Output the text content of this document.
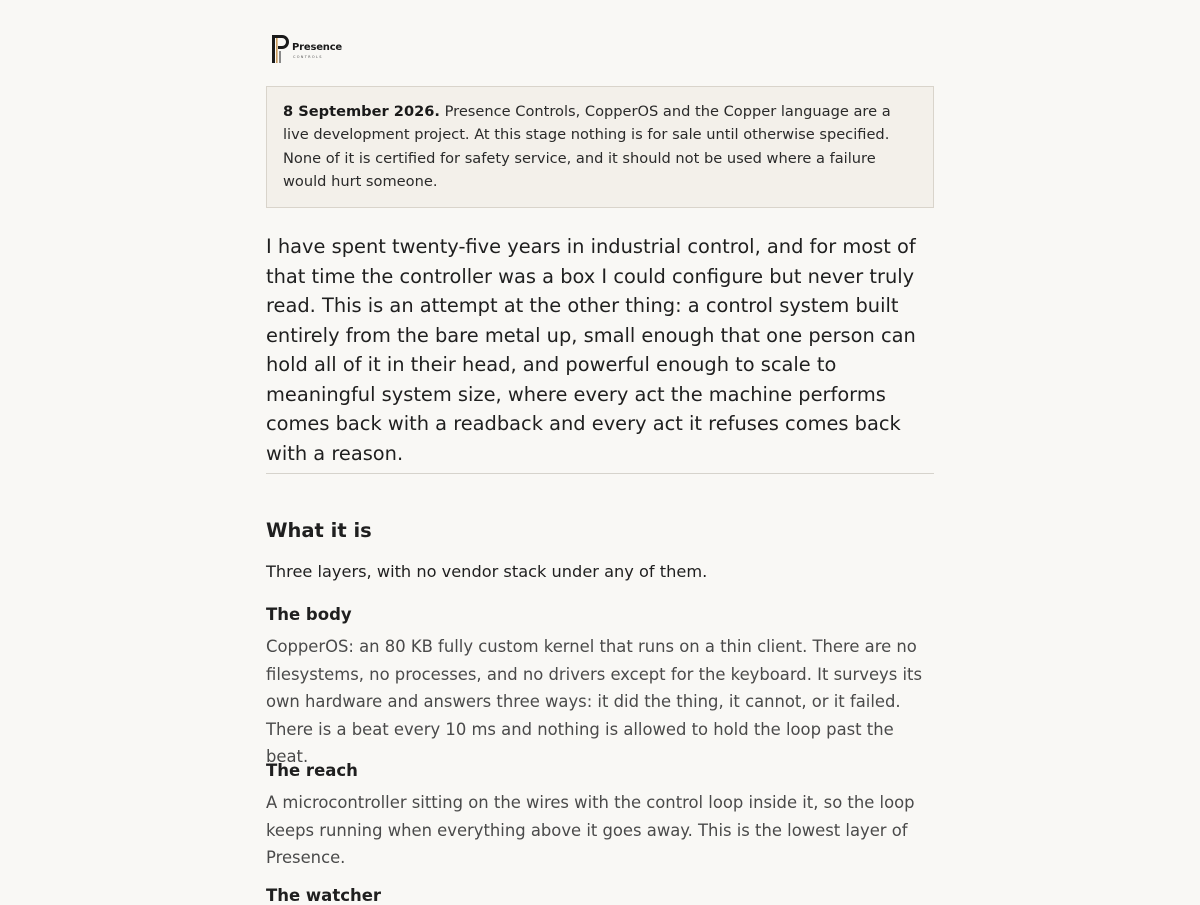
Presence
CONTROLS
8 September 2026. Presence Controls, CopperOS and the Copper language are a live development project. At this stage nothing is for sale until otherwise specified. None of it is certified for safety service, and it should not be used where a failure would hurt someone.

I have spent twenty-five years in industrial control, and for most of that time the controller was a box I could configure but never truly read. This is an attempt at the other thing: a control system built entirely from the bare metal up, small enough that one person can hold all of it in their head, and powerful enough to scale to meaningful system size, where every act the machine performs comes back with a readback and every act it refuses comes back with a reason.

What it is

Three layers, with no vendor stack under any of them.

The body

CopperOS: an 80 KB fully custom kernel that runs on a thin client. There are no filesystems, no processes, and no drivers except for the keyboard. It surveys its own hardware and answers three ways: it did the thing, it cannot, or it failed. There is a beat every 10 ms and nothing is allowed to hold the loop past the beat.

The reach

A microcontroller sitting on the wires with the control loop inside it, so the loop keeps running when everything above it goes away. This is the lowest layer of Presence.

The watcher
